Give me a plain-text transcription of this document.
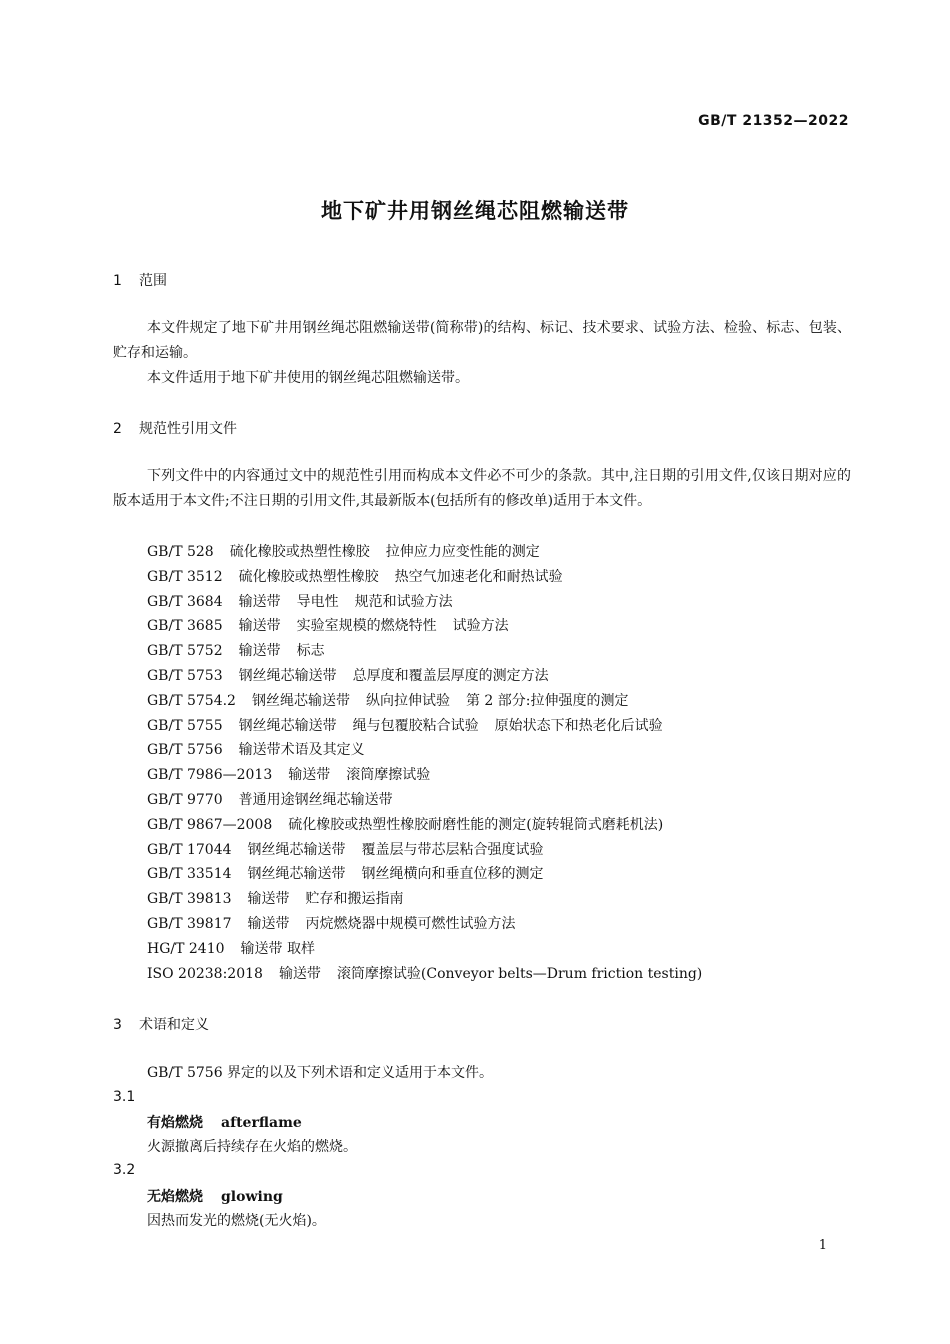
GB/T 21352—2022
地下矿井用钢丝绳芯阻燃输送带
1 范围
本文件规定了地下矿井用钢丝绳芯阻燃输送带(简称带)的结构、标记、技术要求、试验方法、检验、标志、包装、贮存和运输。
本文件适用于地下矿井使用的钢丝绳芯阻燃输送带。
2 规范性引用文件
下列文件中的内容通过文中的规范性引用而构成本文件必不可少的条款。其中,注日期的引用文件,仅该日期对应的版本适用于本文件;不注日期的引用文件,其最新版本(包括所有的修改单)适用于本文件。
GB/T 528 硫化橡胶或热塑性橡胶 拉伸应力应变性能的测定
GB/T 3512 硫化橡胶或热塑性橡胶 热空气加速老化和耐热试验
GB/T 3684 输送带 导电性 规范和试验方法
GB/T 3685 输送带 实验室规模的燃烧特性 试验方法
GB/T 5752 输送带 标志
GB/T 5753 钢丝绳芯输送带 总厚度和覆盖层厚度的测定方法
GB/T 5754.2 钢丝绳芯输送带 纵向拉伸试验 第 2 部分:拉伸强度的测定
GB/T 5755 钢丝绳芯输送带 绳与包覆胶粘合试验 原始状态下和热老化后试验
GB/T 5756 输送带术语及其定义
GB/T 7986—2013 输送带 滚筒摩擦试验
GB/T 9770 普通用途钢丝绳芯输送带
GB/T 9867—2008 硫化橡胶或热塑性橡胶耐磨性能的测定(旋转辊筒式磨耗机法)
GB/T 17044 钢丝绳芯输送带 覆盖层与带芯层粘合强度试验
GB/T 33514 钢丝绳芯输送带 钢丝绳横向和垂直位移的测定
GB/T 39813 输送带 贮存和搬运指南
GB/T 39817 输送带 丙烷燃烧器中规模可燃性试验方法
HG/T 2410 输送带 取样
ISO 20238:2018 输送带 滚筒摩擦试验(Conveyor belts—Drum friction testing)
3 术语和定义
GB/T 5756 界定的以及下列术语和定义适用于本文件。
3.1
有焰燃烧 afterflame
火源撤离后持续存在火焰的燃烧。
3.2
无焰燃烧 glowing
因热而发光的燃烧(无火焰)。
1
